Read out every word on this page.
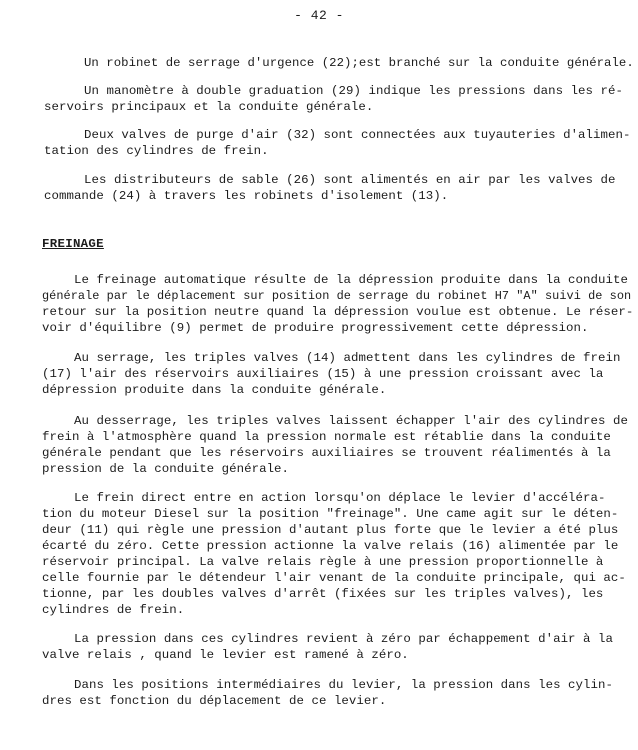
- 42 -
Un robinet de serrage d'urgence (22);est branché sur la conduite générale.
Un manomètre à double graduation (29) indique les pressions dans les ré-
servoirs principaux et la conduite générale.
Deux valves de purge d'air (32) sont connectées aux tuyauteries d'alimen-
tation des cylindres de frein.
Les distributeurs de sable (26) sont alimentés en air par les valves de
commande (24) à travers les robinets d'isolement (13).
FREINAGE
Le freinage automatique résulte de la dépression produite dans la conduite
générale par le déplacement sur position de serrage du robinet H7 "A" suivi de son
retour sur la position neutre quand la dépression voulue est obtenue. Le réser-
voir d'équilibre (9) permet de produire progressivement cette dépression.
Au serrage, les triples valves (14) admettent dans les cylindres de frein
(17) l'air des réservoirs auxiliaires (15) à une pression croissant avec la
dépression produite dans la conduite générale.
Au desserrage, les triples valves laissent échapper l'air des cylindres de
frein à l'atmosphère quand la pression normale est rétablie dans la conduite
générale pendant que les réservoirs auxiliaires se trouvent réalimentés à la
pression de la conduite générale.
Le frein direct entre en action lorsqu'on déplace le levier d'accéléra-
tion du moteur Diesel sur la position "freinage". Une came agit sur le déten-
deur (11) qui règle une pression d'autant plus forte que le levier a été plus
écarté du zéro. Cette pression actionne la valve relais (16) alimentée par le
réservoir principal. La valve relais règle à une pression proportionnelle à
celle fournie par le détendeur l'air venant de la conduite principale, qui ac-
tionne, par les doubles valves d'arrêt (fixées sur les triples valves), les
cylindres de frein.
La pression dans ces cylindres revient à zéro par échappement d'air à la
valve relais , quand le levier est ramené à zéro.
Dans les positions intermédiaires du levier, la pression dans les cylin-
dres est fonction du déplacement de ce levier.
